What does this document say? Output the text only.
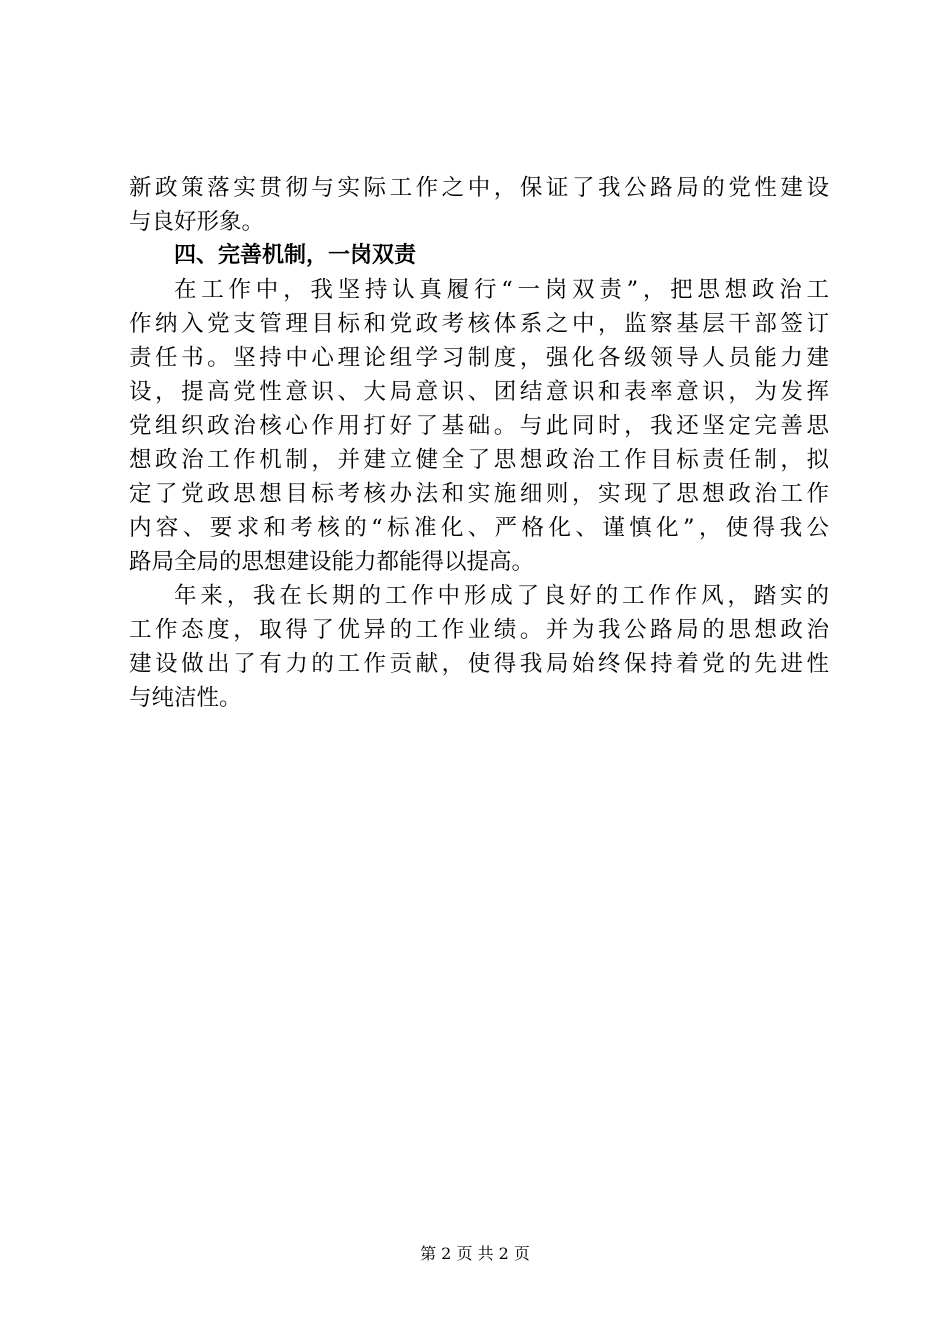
新政策落实贯彻与实际工作之中，保证了我公路局的党性建设
与良好形象。
四、完善机制，一岗双责
在工作中，我坚持认真履行“一岗双责”，把思想政治工
作纳入党支管理目标和党政考核体系之中，监察基层干部签订
责任书。坚持中心理论组学习制度，强化各级领导人员能力建
设，提高党性意识、大局意识、团结意识和表率意识，为发挥
党组织政治核心作用打好了基础。与此同时，我还坚定完善思
想政治工作机制，并建立健全了思想政治工作目标责任制，拟
定了党政思想目标考核办法和实施细则，实现了思想政治工作
内容、要求和考核的“标准化、严格化、谨慎化”，使得我公
路局全局的思想建设能力都能得以提高。
年来，我在长期的工作中形成了良好的工作作风，踏实的
工作态度，取得了优异的工作业绩。并为我公路局的思想政治
建设做出了有力的工作贡献，使得我局始终保持着党的先进性
与纯洁性。
第 2 页 共 2 页
